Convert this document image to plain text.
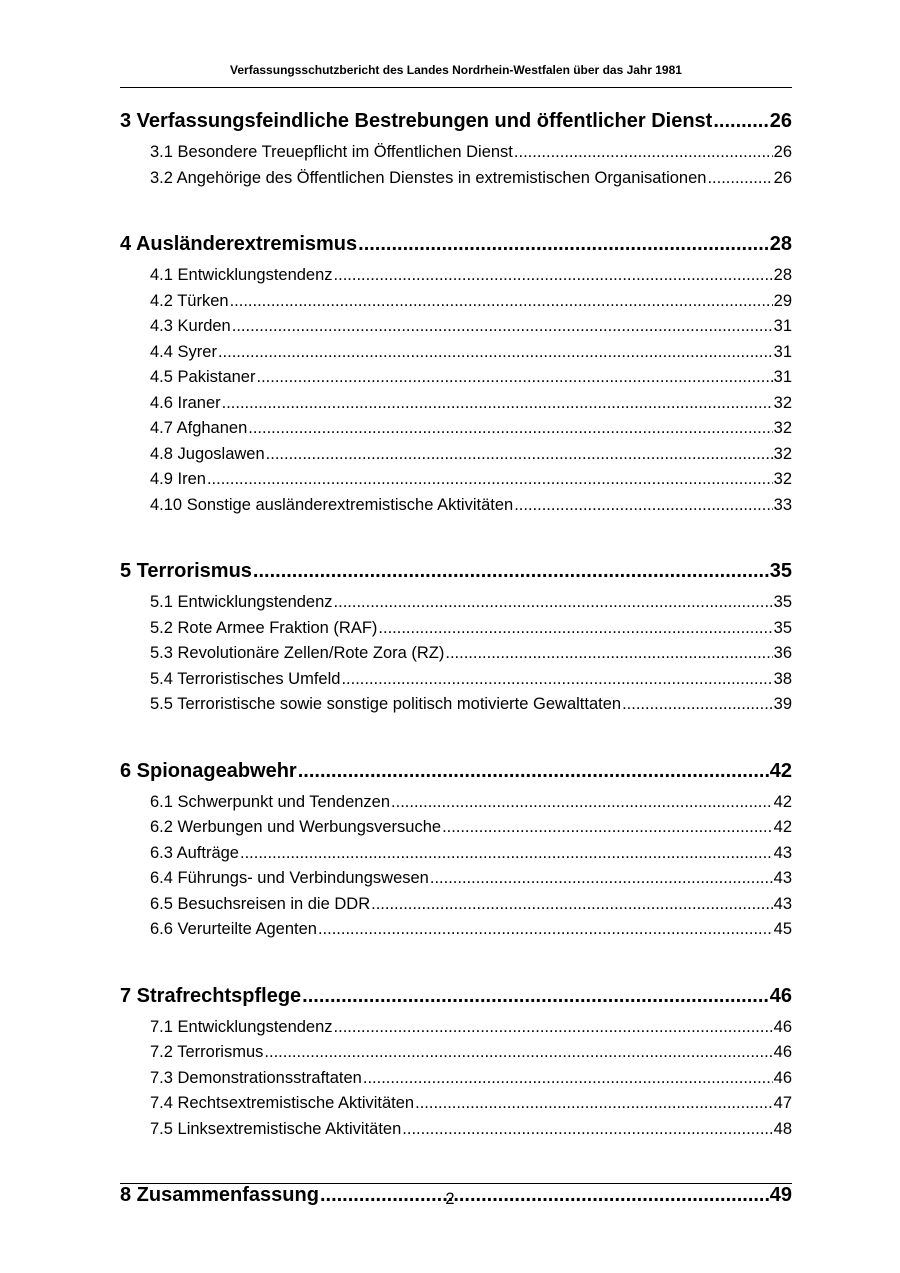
Verfassungsschutzbericht des Landes Nordrhein-Westfalen über das Jahr 1981
3 Verfassungsfeindliche Bestrebungen und öffentlicher Dienst .....	26
3.1 Besondere Treuepflicht im Öffentlichen Dienst .....	26
3.2 Angehörige des Öffentlichen Dienstes in extremistischen Organisationen .....	26
4 Ausländerextremismus .....	28
4.1 Entwicklungstendenz .....	28
4.2 Türken .....	29
4.3 Kurden .....	31
4.4 Syrer .....	31
4.5 Pakistaner .....	31
4.6 Iraner .....	32
4.7 Afghanen .....	32
4.8 Jugoslawen .....	32
4.9 Iren .....	32
4.10 Sonstige ausländerextremistische Aktivitäten .....	33
5 Terrorismus .....	35
5.1 Entwicklungstendenz .....	35
5.2 Rote Armee Fraktion (RAF) .....	35
5.3 Revolutionäre Zellen/Rote Zora (RZ) .....	36
5.4 Terroristisches Umfeld .....	38
5.5 Terroristische sowie sonstige politisch motivierte Gewalttaten .....	39
6 Spionageabwehr .....	42
6.1 Schwerpunkt und Tendenzen .....	42
6.2 Werbungen und Werbungsversuche .....	42
6.3 Aufträge .....	43
6.4 Führungs- und Verbindungswesen .....	43
6.5 Besuchsreisen in die DDR .....	43
6.6 Verurteilte Agenten .....	45
7 Strafrechtspflege .....	46
7.1 Entwicklungstendenz .....	46
7.2 Terrorismus .....	46
7.3 Demonstrationsstraftaten .....	46
7.4 Rechtsextremistische Aktivitäten .....	47
7.5 Linksextremistische Aktivitäten .....	48
8 Zusammenfassung .....	49
2
